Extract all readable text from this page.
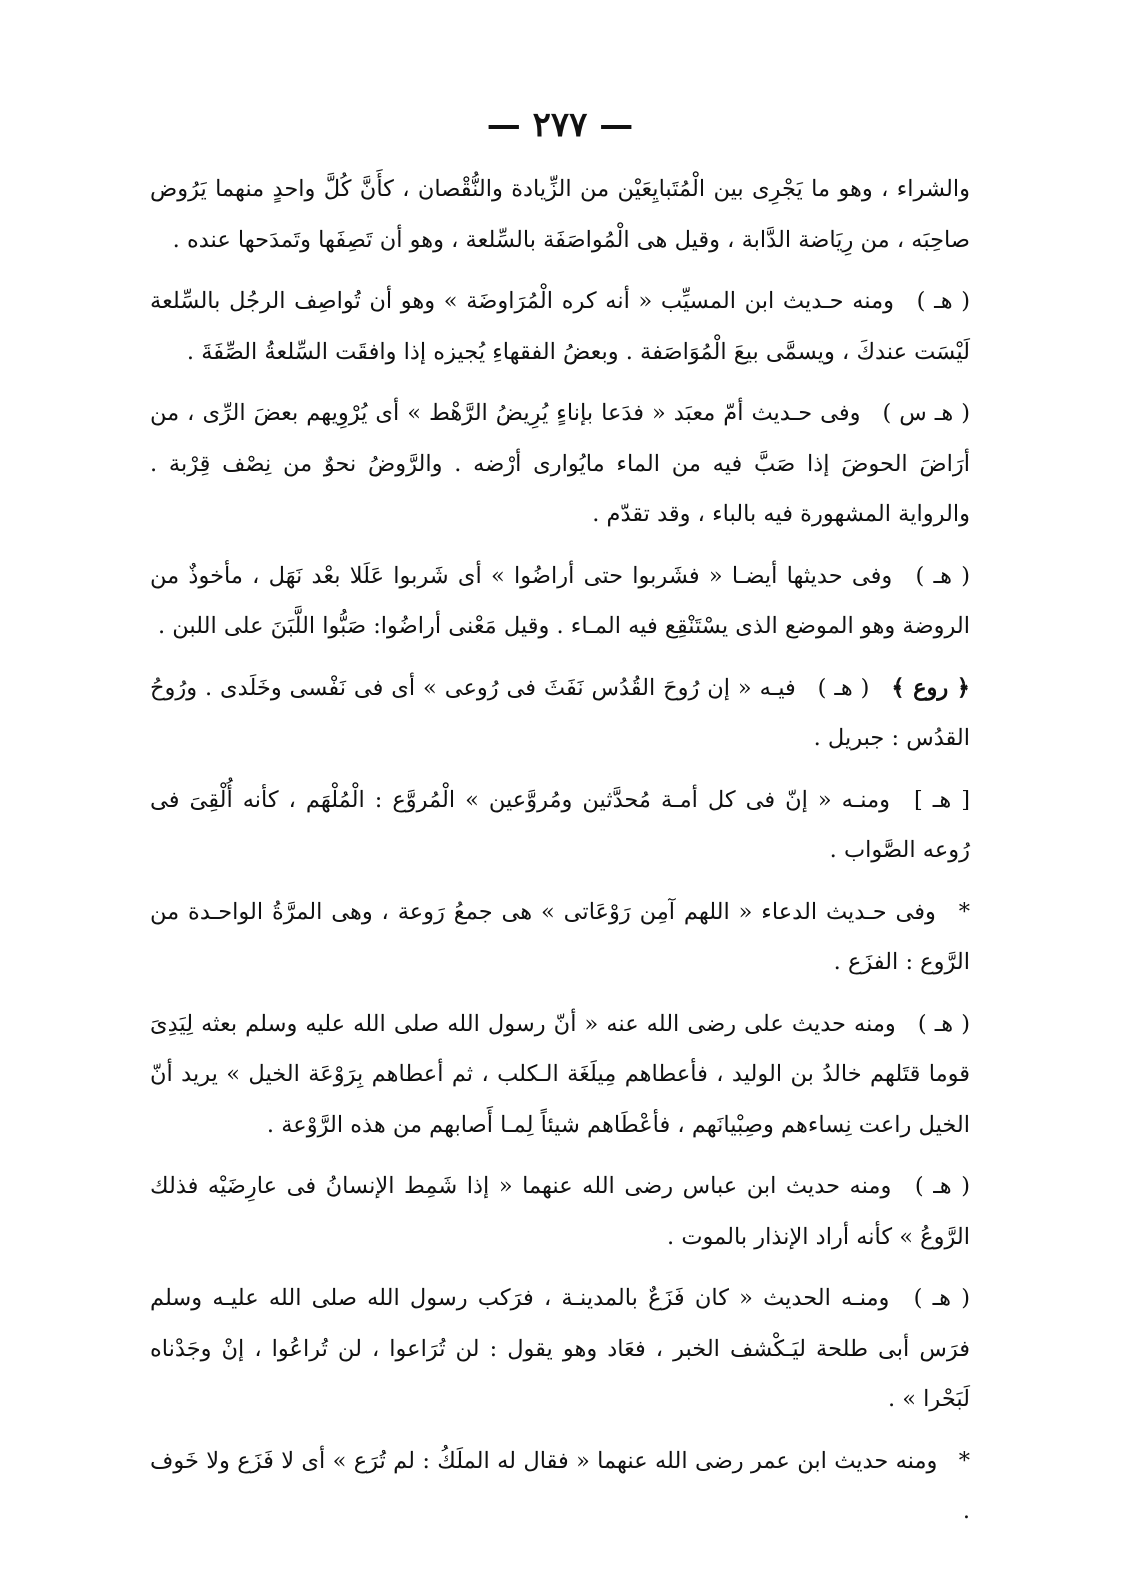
— ٢٧٧ —
والشراء ، وهو ما يَجْرِى بين الْمُتَبايِعَيْن من الزِّيادة والنُّقْصان ، كأَنَّ كُلَّ واحدٍ منهما يَرُوض صاحِبَه ، من رِيَاضة الدَّابة ، وقيل هى الْمُواصَفَة بالسِّلعة ، وهو أن تَصِفَها وتَمدَحها عنده .
( هـ ) ومنه حـديث ابن المسيِّب « أنه كره الْمُرَاوضَة » وهو أن تُواصِف الرجُل بالسِّلعة لَيْسَت عندكَ ، ويسمَّى بيعَ الْمُوَاصَفة . وبعضُ الفقهاءِ يُجيزه إذا وافقَت السِّلعةُ الصِّفَةَ .
( هـ س ) وفى حـديث أمّ معبَد « فدَعا بإناءٍ يُرِيضُ الرَّهْط » أى يُرْوِيهم بعضَ الرِّى ، من أرَاضَ الحوضَ إذا صَبَّ فيه من الماء مايُوارى أرْضه . والرَّوضُ نحوٌ من نِصْف قِرْبة . والرواية المشهورة فيه بالباء ، وقد تقدّم .
( هـ ) وفى حديثها أيضـا « فشَربوا حتى أراضُوا » أى شَربوا عَلَلا بعْد نَهَل ، مأخوذٌ من الروضة وهو الموضع الذى يسْتَنْقِع فيه المـاء . وقيل مَعْنى أراضُوا: صَبُّوا اللَّبَنَ على اللبن .
﴿ روع ﴾ ( هـ ) فيـه « إن رُوحَ القُدُس نَفَثَ فى رُوعى » أى فى نَفْسى وخَلَدى . ورُوحُ القدُس : جبريل .
[ هـ ] ومنـه « إنّ فى كل أمـة مُحدَّثين ومُروَّعين » الْمُروَّع : الْمُلْهَم ، كأنه أُلْقِىَ فى رُوعه الصَّواب .
* وفى حـديث الدعاء « اللهم آمِن رَوْعَاتى » هى جمعُ رَوعة ، وهى المرَّةُ الواحـدة من الرَّوع : الفزَع .
( هـ ) ومنه حديث على رضى الله عنه « أنّ رسول الله صلى الله عليه وسلم بعثه لِيَدِىَ قوما قتَلهم خالدُ بن الوليد ، فأعطاهم مِيلَغَة الـكلب ، ثم أعطاهم بِرَوْعَة الخيل » يريد أنّ الخيل راعت نِساءهم وصِبْيانَهم ، فأعْطَاهم شيئاً لِمـا أَصابهم من هذه الرَّوْعة .
( هـ ) ومنه حديث ابن عباس رضى الله عنهما « إذا شَمِط الإنسانُ فى عارِضَيْه فذلك الرَّوعُ » كأنه أراد الإنذار بالموت .
( هـ ) ومنـه الحديث « كان فَزَعٌ بالمدينـة ، فرَكب رسول الله صلى الله عليـه وسلم فرَس أبى طلحة ليَـكْشف الخبر ، فعَاد وهو يقول : لن تُرَاعوا ، لن تُراعُوا ، إنْ وجَدْناه لَبَحْرا » .
* ومنه حديث ابن عمر رضى الله عنهما « فقال له الملَكُ : لم تُرَع » أى لا فَزَع ولا خَوف .
